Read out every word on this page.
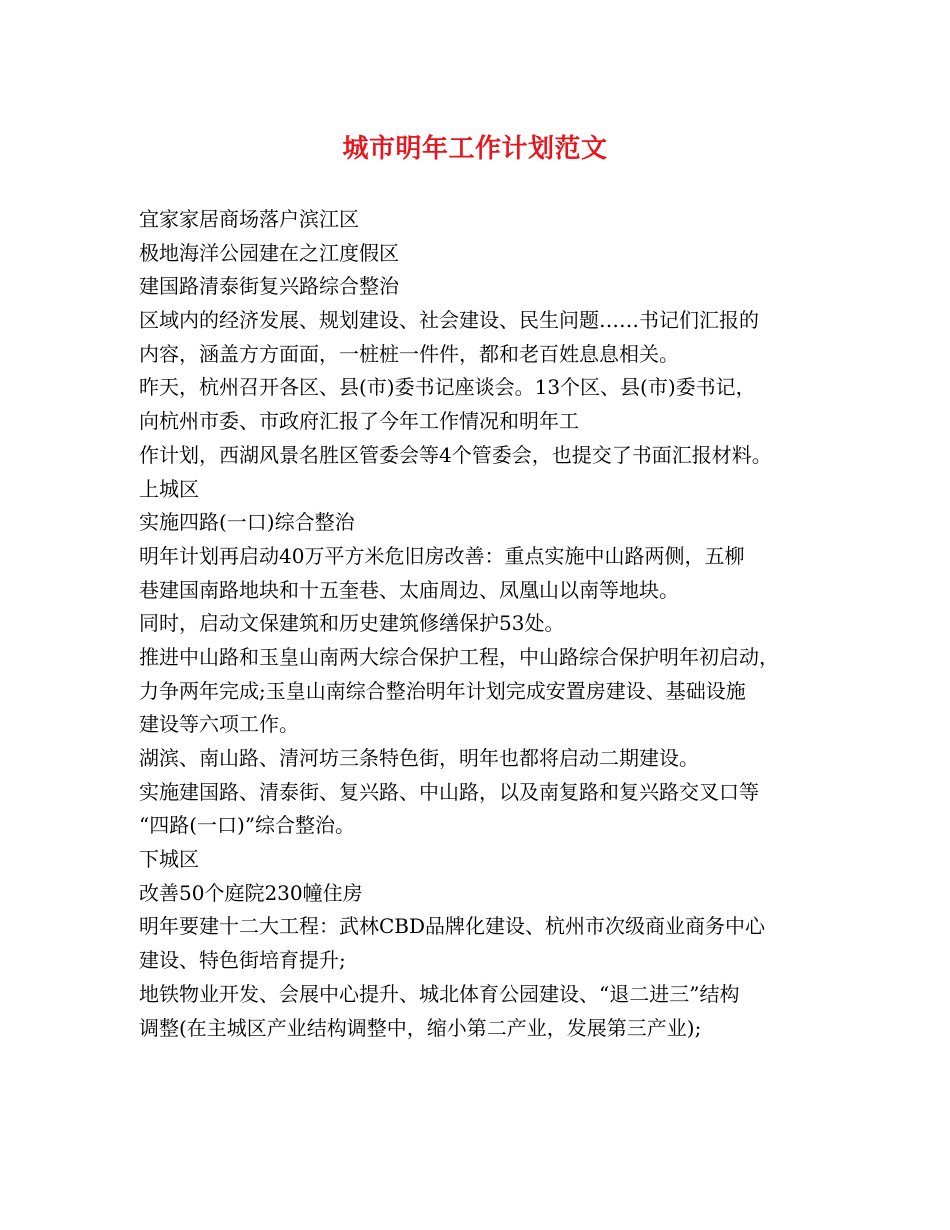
城市明年工作计划范文
宜家家居商场落户滨江区
极地海洋公园建在之江度假区
建国路清泰街复兴路综合整治
区域内的经济发展、规划建设、社会建设、民生问题……书记们汇报的
内容，涵盖方方面面，一桩桩一件件，都和老百姓息息相关。
昨天，杭州召开各区、县(市)委书记座谈会。13个区、县(市)委书记，
向杭州市委、市政府汇报了今年工作情况和明年工
作计划，西湖风景名胜区管委会等4个管委会，也提交了书面汇报材料。
上城区
实施四路(一口)综合整治
明年计划再启动40万平方米危旧房改善：重点实施中山路两侧，五柳
巷建国南路地块和十五奎巷、太庙周边、凤凰山以南等地块。
同时，启动文保建筑和历史建筑修缮保护53处。
推进中山路和玉皇山南两大综合保护工程，中山路综合保护明年初启动，
力争两年完成;玉皇山南综合整治明年计划完成安置房建设、基础设施
建设等六项工作。
湖滨、南山路、清河坊三条特色街，明年也都将启动二期建设。
实施建国路、清泰街、复兴路、中山路，以及南复路和复兴路交叉口等
“四路(一口)”综合整治。
下城区
改善50个庭院230幢住房
明年要建十二大工程：武林CBD品牌化建设、杭州市次级商业商务中心
建设、特色街培育提升;
地铁物业开发、会展中心提升、城北体育公园建设、“退二进三”结构
调整(在主城区产业结构调整中，缩小第二产业，发展第三产业);
